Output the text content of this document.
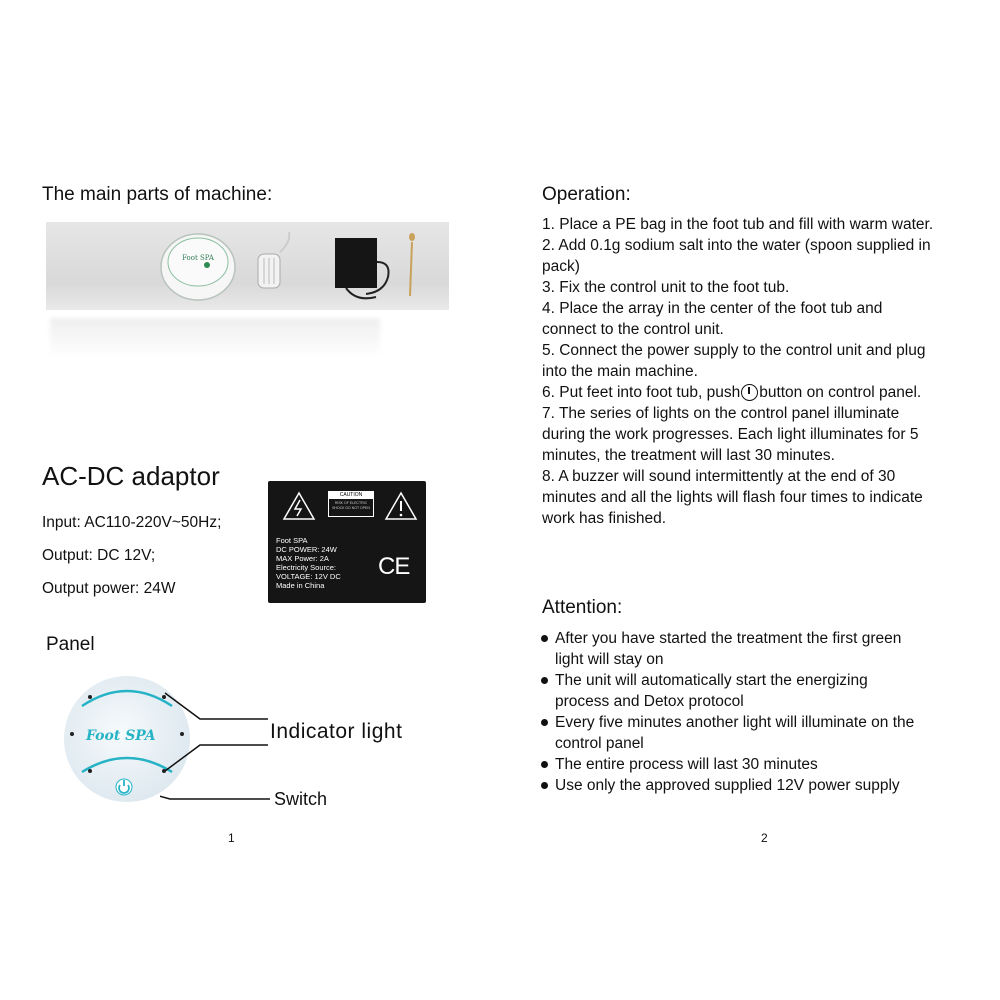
The main parts of machine:
Foot SPA
AC-DC adaptor
Input: AC110-220V~50Hz;
Output: DC 12V;
Output power: 24W
CAUTION
RISK OF ELECTRIC SHOCK DO NOT OPEN
Foot SPA
DC POWER: 24W
MAX Power: 2A
Electricity Source:
VOLTAGE: 12V DC
Made in China
CE
Panel
Foot SPA	Indicator light
Switch
1
Operation:

1. Place a PE bag in the foot tub and fill with warm water.

2. Add 0.1g sodium salt into the water (spoon supplied in pack)

3. Fix the control unit to the foot tub.

4. Place the array in the center of the foot tub and connect to the control unit.

5. Connect the power supply to the control unit and plug into the main machine.

6. Put feet into foot tub, push button on control panel.

7. The series of lights on the control panel illuminate during the work progresses. Each light illuminates for 5 minutes, the treatment will last 30 minutes.

8. A buzzer will sound intermittently at the end of 30 minutes and all the lights will flash four times to indicate work has finished.

Attention:
After you have started the treatment the first green light will stay on
The unit will automatically start the energizing process and Detox protocol
Every five minutes another light will illuminate on the control panel
The entire process will last 30 minutes
Use only the approved supplied 12V power supply
2
